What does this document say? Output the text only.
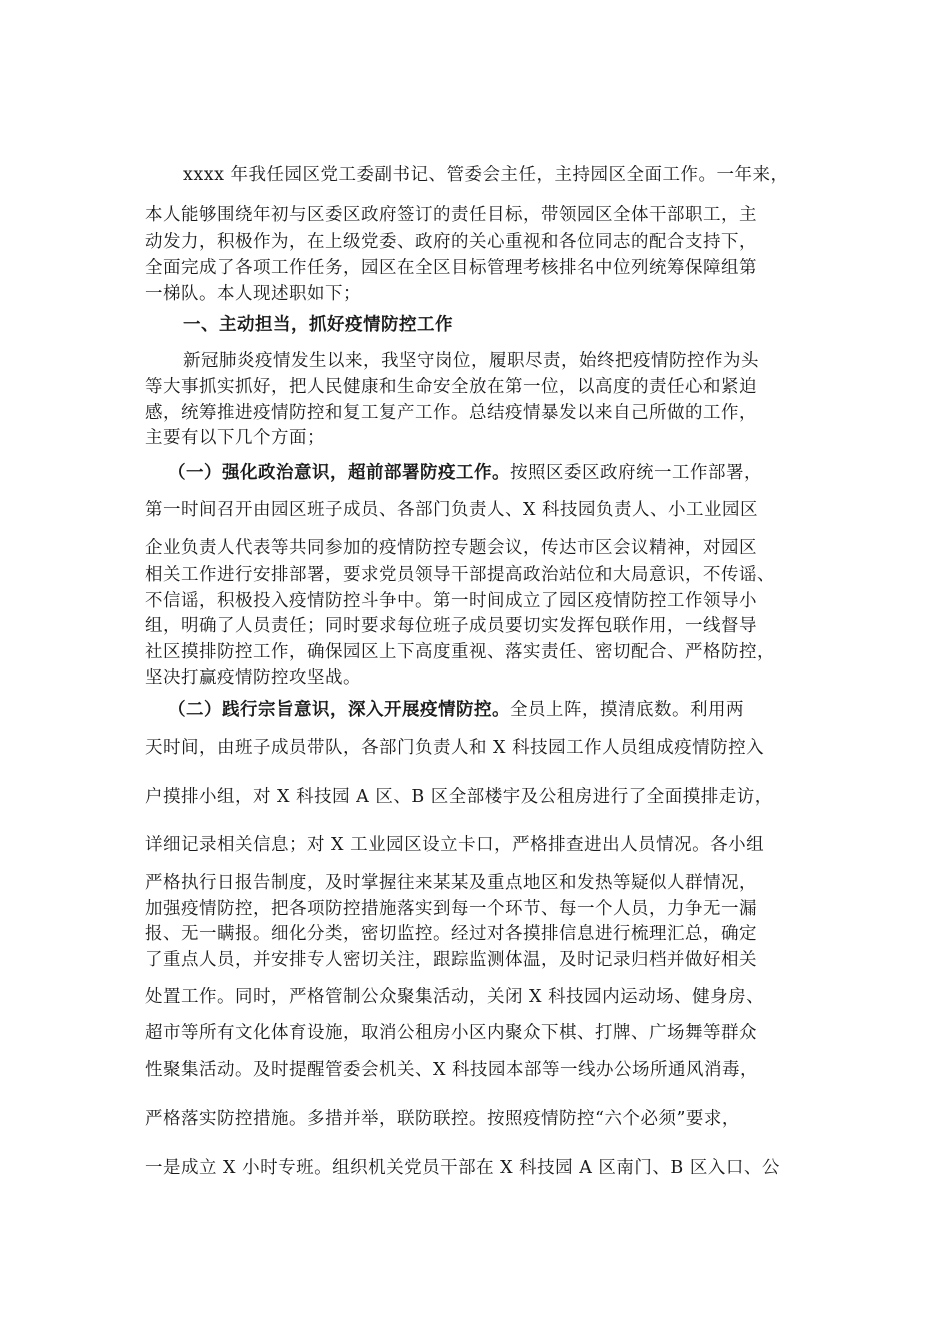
xxxx 年我任园区党工委副书记、管委会主任，主持园区全面工作。一年来，

本人能够围绕年初与区委区政府签订的责任目标，带领园区全体干部职工，主

动发力，积极作为，在上级党委、政府的关心重视和各位同志的配合支持下，

全面完成了各项工作任务，园区在全区目标管理考核排名中位列统筹保障组第

一梯队。本人现述职如下；

一、主动担当，抓好疫情防控工作

新冠肺炎疫情发生以来，我坚守岗位，履职尽责，始终把疫情防控作为头

等大事抓实抓好，把人民健康和生命安全放在第一位，以高度的责任心和紧迫

感，统筹推进疫情防控和复工复产工作。总结疫情暴发以来自己所做的工作，

主要有以下几个方面；

（一）强化政治意识，超前部署防疫工作。按照区委区政府统一工作部署，

第一时间召开由园区班子成员、各部门负责人、X 科技园负责人、小工业园区

企业负责人代表等共同参加的疫情防控专题会议，传达市区会议精神，对园区

相关工作进行安排部署，要求党员领导干部提高政治站位和大局意识，不传谣、

不信谣，积极投入疫情防控斗争中。第一时间成立了园区疫情防控工作领导小

组，明确了人员责任；同时要求每位班子成员要切实发挥包联作用，一线督导

社区摸排防控工作，确保园区上下高度重视、落实责任、密切配合、严格防控，

坚决打赢疫情防控攻坚战。

（二）践行宗旨意识，深入开展疫情防控。全员上阵，摸清底数。利用两

天时间，由班子成员带队，各部门负责人和 X 科技园工作人员组成疫情防控入

户摸排小组，对 X 科技园 A 区、B 区全部楼宇及公租房进行了全面摸排走访，

详细记录相关信息；对 X 工业园区设立卡口，严格排查进出人员情况。各小组

严格执行日报告制度，及时掌握往来某某及重点地区和发热等疑似人群情况，

加强疫情防控，把各项防控措施落实到每一个环节、每一个人员，力争无一漏

报、无一瞒报。细化分类，密切监控。经过对各摸排信息进行梳理汇总，确定

了重点人员，并安排专人密切关注，跟踪监测体温，及时记录归档并做好相关

处置工作。同时，严格管制公众聚集活动，关闭 X 科技园内运动场、健身房、

超市等所有文化体育设施，取消公租房小区内聚众下棋、打牌、广场舞等群众

性聚集活动。及时提醒管委会机关、X 科技园本部等一线办公场所通风消毒，

严格落实防控措施。多措并举，联防联控。按照疫情防控“六个必须”要求，

一是成立 X 小时专班。组织机关党员干部在 X 科技园 A 区南门、B 区入口、公
